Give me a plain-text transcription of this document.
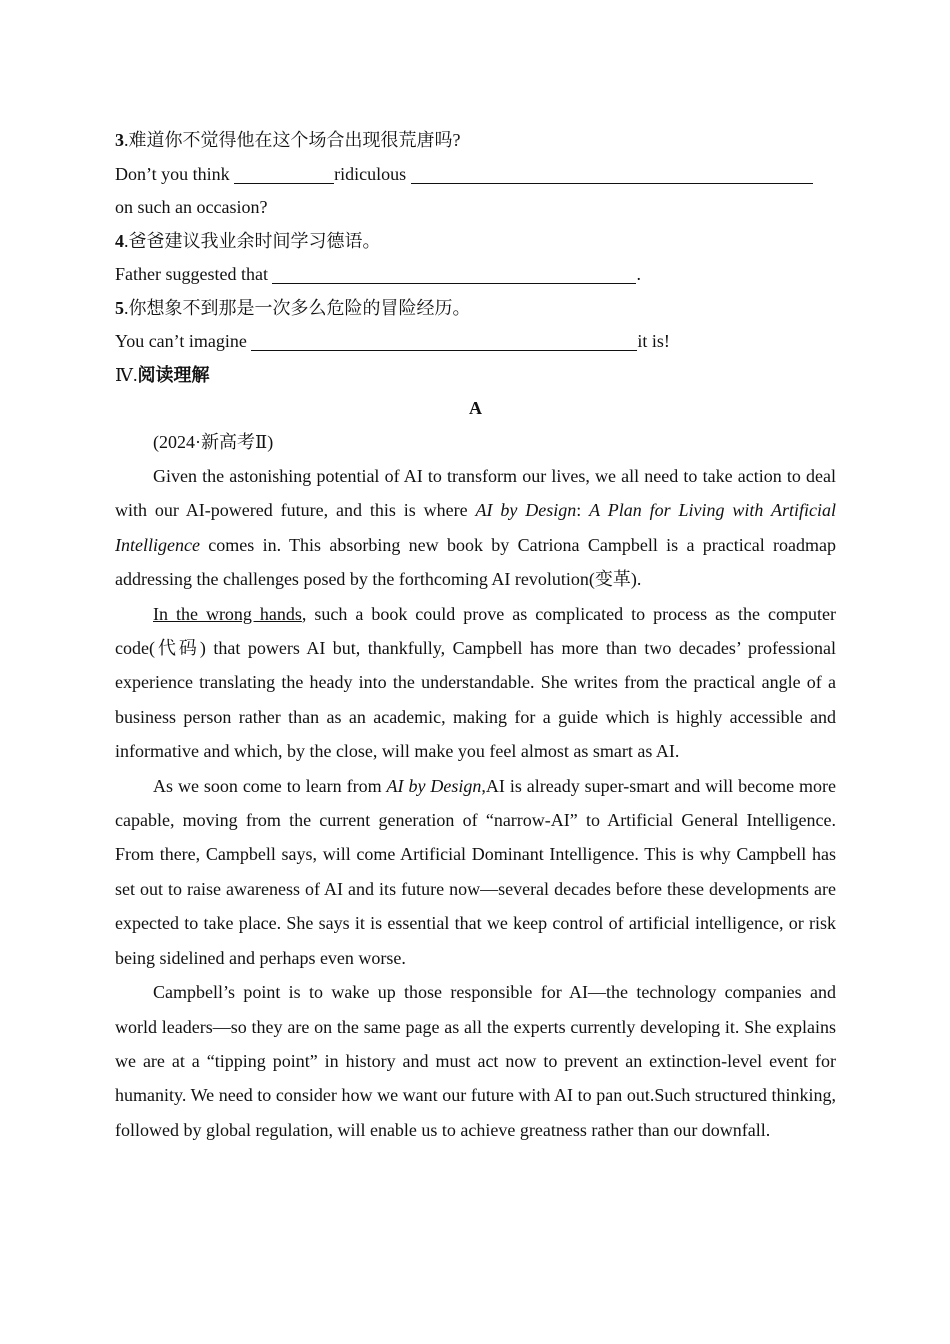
3.难道你不觉得他在这个场合出现很荒唐吗?
Don’t you think	ridiculous
on such an occasion?
4.爸爸建议我业余时间学习德语。
Father suggested that	.
5.你想象不到那是一次多么危险的冒险经历。
You can’t imagine	it is!
Ⅳ.阅读理解
A
(2024·新高考Ⅱ)

Given the astonishing potential of AI to transform our lives, we all need to take action to deal with our AI-powered future, and this is where AI by Design: A Plan for Living with Artificial Intelligence comes in. This absorbing new book by Catriona Campbell is a practical roadmap addressing the challenges posed by the forthcoming AI revolution(变革).

In the wrong hands, such a book could prove as complicated to process as the computer code(代码) that powers AI but, thankfully, Campbell has more than two decades’ professional experience translating the heady into the understandable. She writes from the practical angle of a business person rather than as an academic, making for a guide which is highly accessible and informative and which, by the close, will make you feel almost as smart as AI.

As we soon come to learn from AI by Design,AI is already super-smart and will become more capable, moving from the current generation of “narrow-AI” to Artificial General Intelligence. From there, Campbell says, will come Artificial Dominant Intelligence. This is why Campbell has set out to raise awareness of AI and its future now—several decades before these developments are expected to take place. She says it is essential that we keep control of artificial intelligence, or risk being sidelined and perhaps even worse.

Campbell’s point is to wake up those responsible for AI—the technology companies and world leaders—so they are on the same page as all the experts currently developing it. She explains we are at a “tipping point” in history and must act now to prevent an extinction-level event for humanity. We need to consider how we want our future with AI to pan out.Such structured thinking, followed by global regulation, will enable us to achieve greatness rather than our downfall.
